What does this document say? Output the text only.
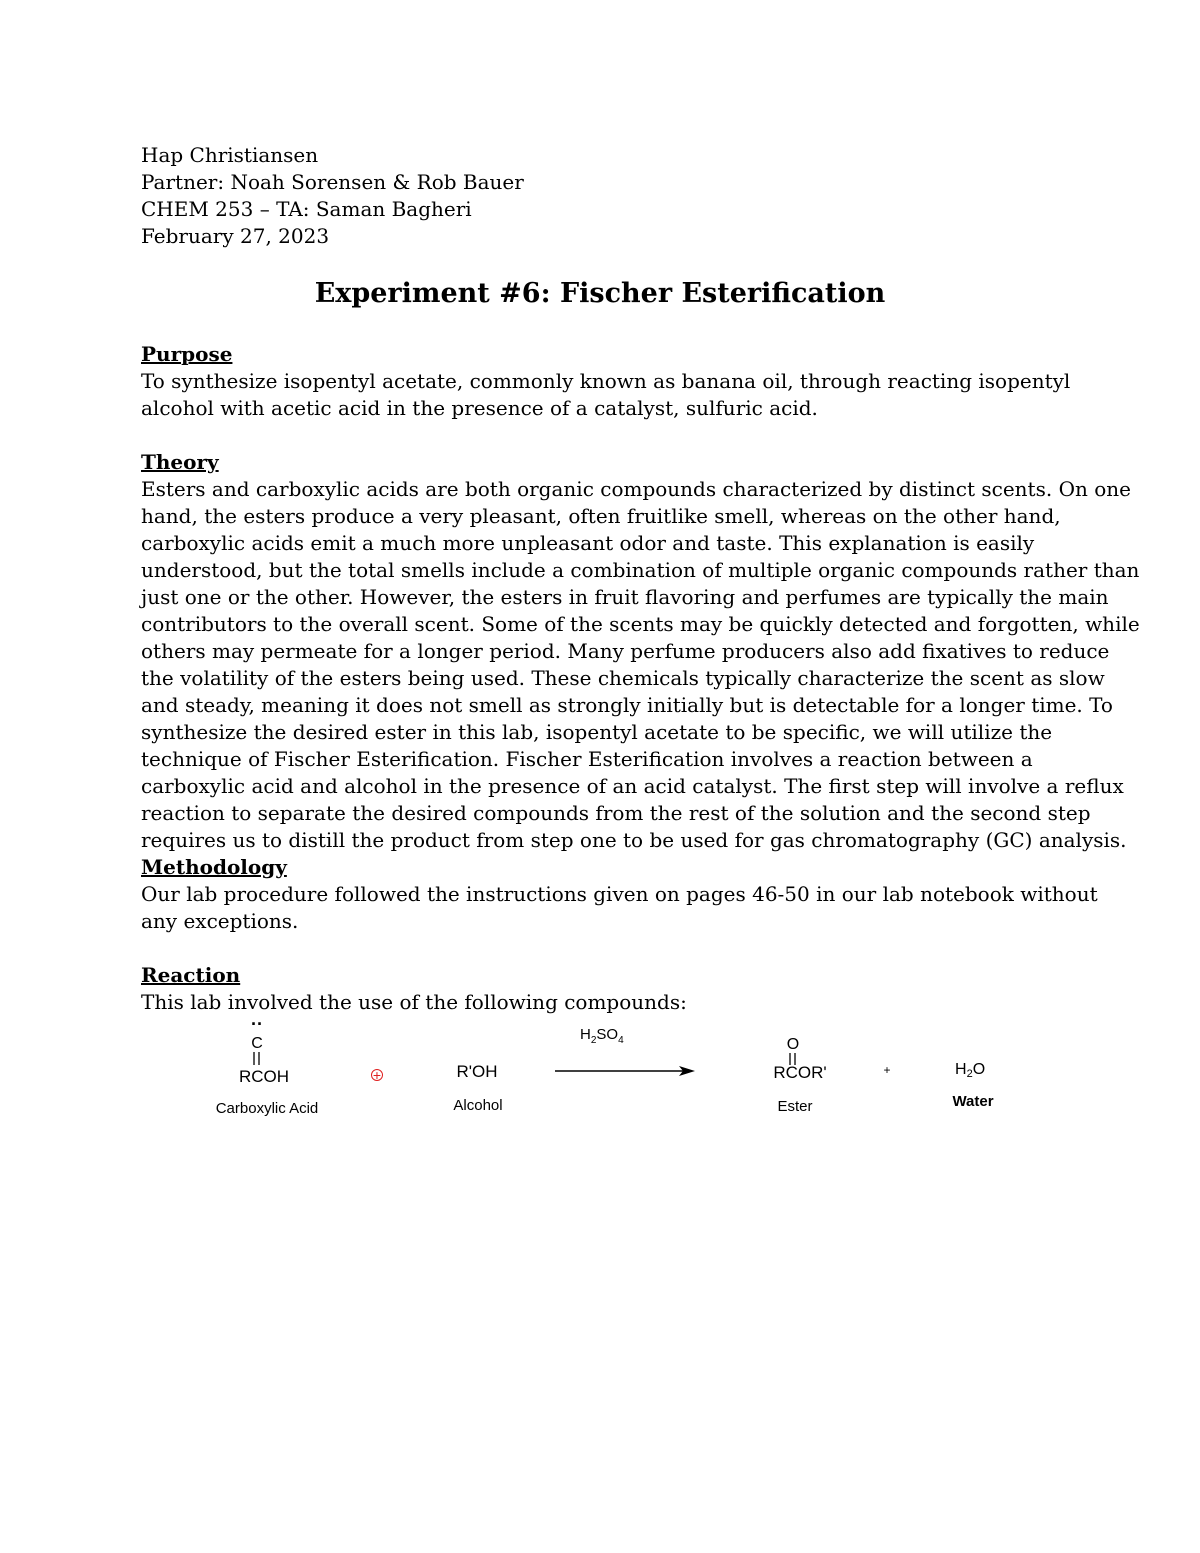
Hap Christiansen
Partner: Noah Sorensen & Rob Bauer
CHEM 253 – TA: Saman Bagheri
February 27, 2023
Experiment #6: Fischer Esterification
Purpose
To synthesize isopentyl acetate, commonly known as banana oil, through reacting isopentyl
alcohol with acetic acid in the presence of a catalyst, sulfuric acid.
Theory
Esters and carboxylic acids are both organic compounds characterized by distinct scents. On one
hand, the esters produce a very pleasant, often fruitlike smell, whereas on the other hand,
carboxylic acids emit a much more unpleasant odor and taste. This explanation is easily
understood, but the total smells include a combination of multiple organic compounds rather than
just one or the other. However, the esters in fruit flavoring and perfumes are typically the main
contributors to the overall scent. Some of the scents may be quickly detected and forgotten, while
others may permeate for a longer period. Many perfume producers also add fixatives to reduce
the volatility of the esters being used. These chemicals typically characterize the scent as slow
and steady, meaning it does not smell as strongly initially but is detectable for a longer time. To
synthesize the desired ester in this lab, isopentyl acetate to be specific, we will utilize the
technique of Fischer Esterification. Fischer Esterification involves a reaction between a
carboxylic acid and alcohol in the presence of an acid catalyst. The first step will involve a reflux
reaction to separate the desired compounds from the rest of the solution and the second step
requires us to distill the product from step one to be used for gas chromatography (GC) analysis.
Methodology
Our lab procedure followed the instructions given on pages 46-50 in our lab notebook without
any exceptions.
Reaction
This lab involved the use of the following compounds:
··
C
RCOH
Carboxylic Acid
+	R'OH
Alcohol
$H_2SO_4$	O
RCOR'
Ester
+	H2O
Water
